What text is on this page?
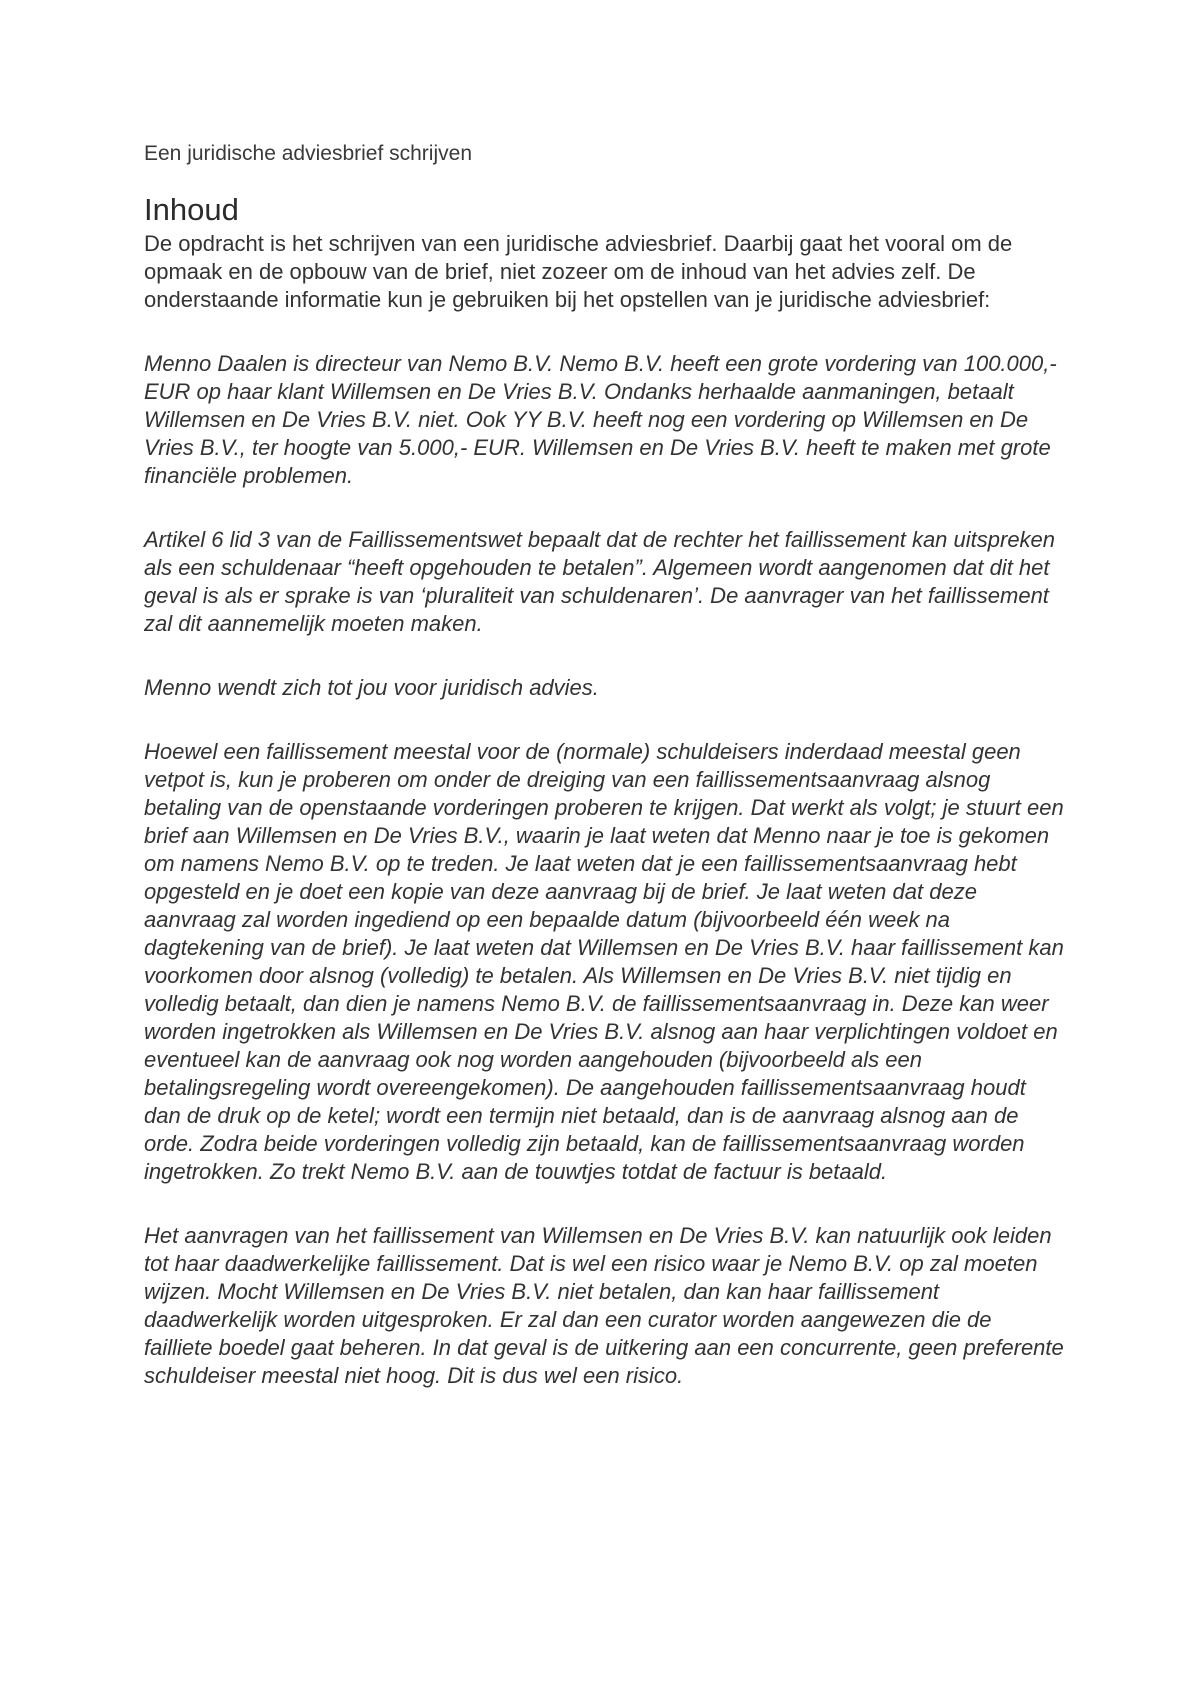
Een juridische adviesbrief schrijven

Inhoud

De opdracht is het schrijven van een juridische adviesbrief. Daarbij gaat het vooral om de opmaak en de opbouw van de brief, niet zozeer om de inhoud van het advies zelf. De onderstaande informatie kun je gebruiken bij het opstellen van je juridische adviesbrief:

Menno Daalen is directeur van Nemo B.V. Nemo B.V. heeft een grote vordering van 100.000,- EUR op haar klant Willemsen en De Vries B.V. Ondanks herhaalde aanmaningen, betaalt Willemsen en De Vries B.V. niet. Ook YY B.V. heeft nog een vordering op Willemsen en De Vries B.V., ter hoogte van 5.000,- EUR. Willemsen en De Vries B.V. heeft te maken met grote financiële problemen.

Artikel 6 lid 3 van de Faillissementswet bepaalt dat de rechter het faillissement kan uitspreken als een schuldenaar “heeft opgehouden te betalen”. Algemeen wordt aangenomen dat dit het geval is als er sprake is van ‘pluraliteit van schuldenaren’. De aanvrager van het faillissement zal dit aannemelijk moeten maken.

Menno wendt zich tot jou voor juridisch advies.

Hoewel een faillissement meestal voor de (normale) schuldeisers inderdaad meestal geen vetpot is, kun je proberen om onder de dreiging van een faillissementsaanvraag alsnog betaling van de openstaande vorderingen proberen te krijgen. Dat werkt als volgt; je stuurt een brief aan Willemsen en De Vries B.V., waarin je laat weten dat Menno naar je toe is gekomen om namens Nemo B.V. op te treden. Je laat weten dat je een faillissementsaanvraag hebt opgesteld en je doet een kopie van deze aanvraag bij de brief. Je laat weten dat deze aanvraag zal worden ingediend op een bepaalde datum (bijvoorbeeld één week na dagtekening van de brief). Je laat weten dat Willemsen en De Vries B.V. haar faillissement kan voorkomen door alsnog (volledig) te betalen. Als Willemsen en De Vries B.V. niet tijdig en volledig betaalt, dan dien je namens Nemo B.V. de faillissementsaanvraag in. Deze kan weer worden ingetrokken als Willemsen en De Vries B.V. alsnog aan haar verplichtingen voldoet en eventueel kan de aanvraag ook nog worden aangehouden (bijvoorbeeld als een betalingsregeling wordt overeengekomen). De aangehouden faillissementsaanvraag houdt dan de druk op de ketel; wordt een termijn niet betaald, dan is de aanvraag alsnog aan de orde. Zodra beide vorderingen volledig zijn betaald, kan de faillissementsaanvraag worden ingetrokken. Zo trekt Nemo B.V. aan de touwtjes totdat de factuur is betaald.

Het aanvragen van het faillissement van Willemsen en De Vries B.V. kan natuurlijk ook leiden tot haar daadwerkelijke faillissement. Dat is wel een risico waar je Nemo B.V. op zal moeten wijzen. Mocht Willemsen en De Vries B.V. niet betalen, dan kan haar faillissement daadwerkelijk worden uitgesproken. Er zal dan een curator worden aangewezen die de failliete boedel gaat beheren. In dat geval is de uitkering aan een concurrente, geen preferente schuldeiser meestal niet hoog. Dit is dus wel een risico.
